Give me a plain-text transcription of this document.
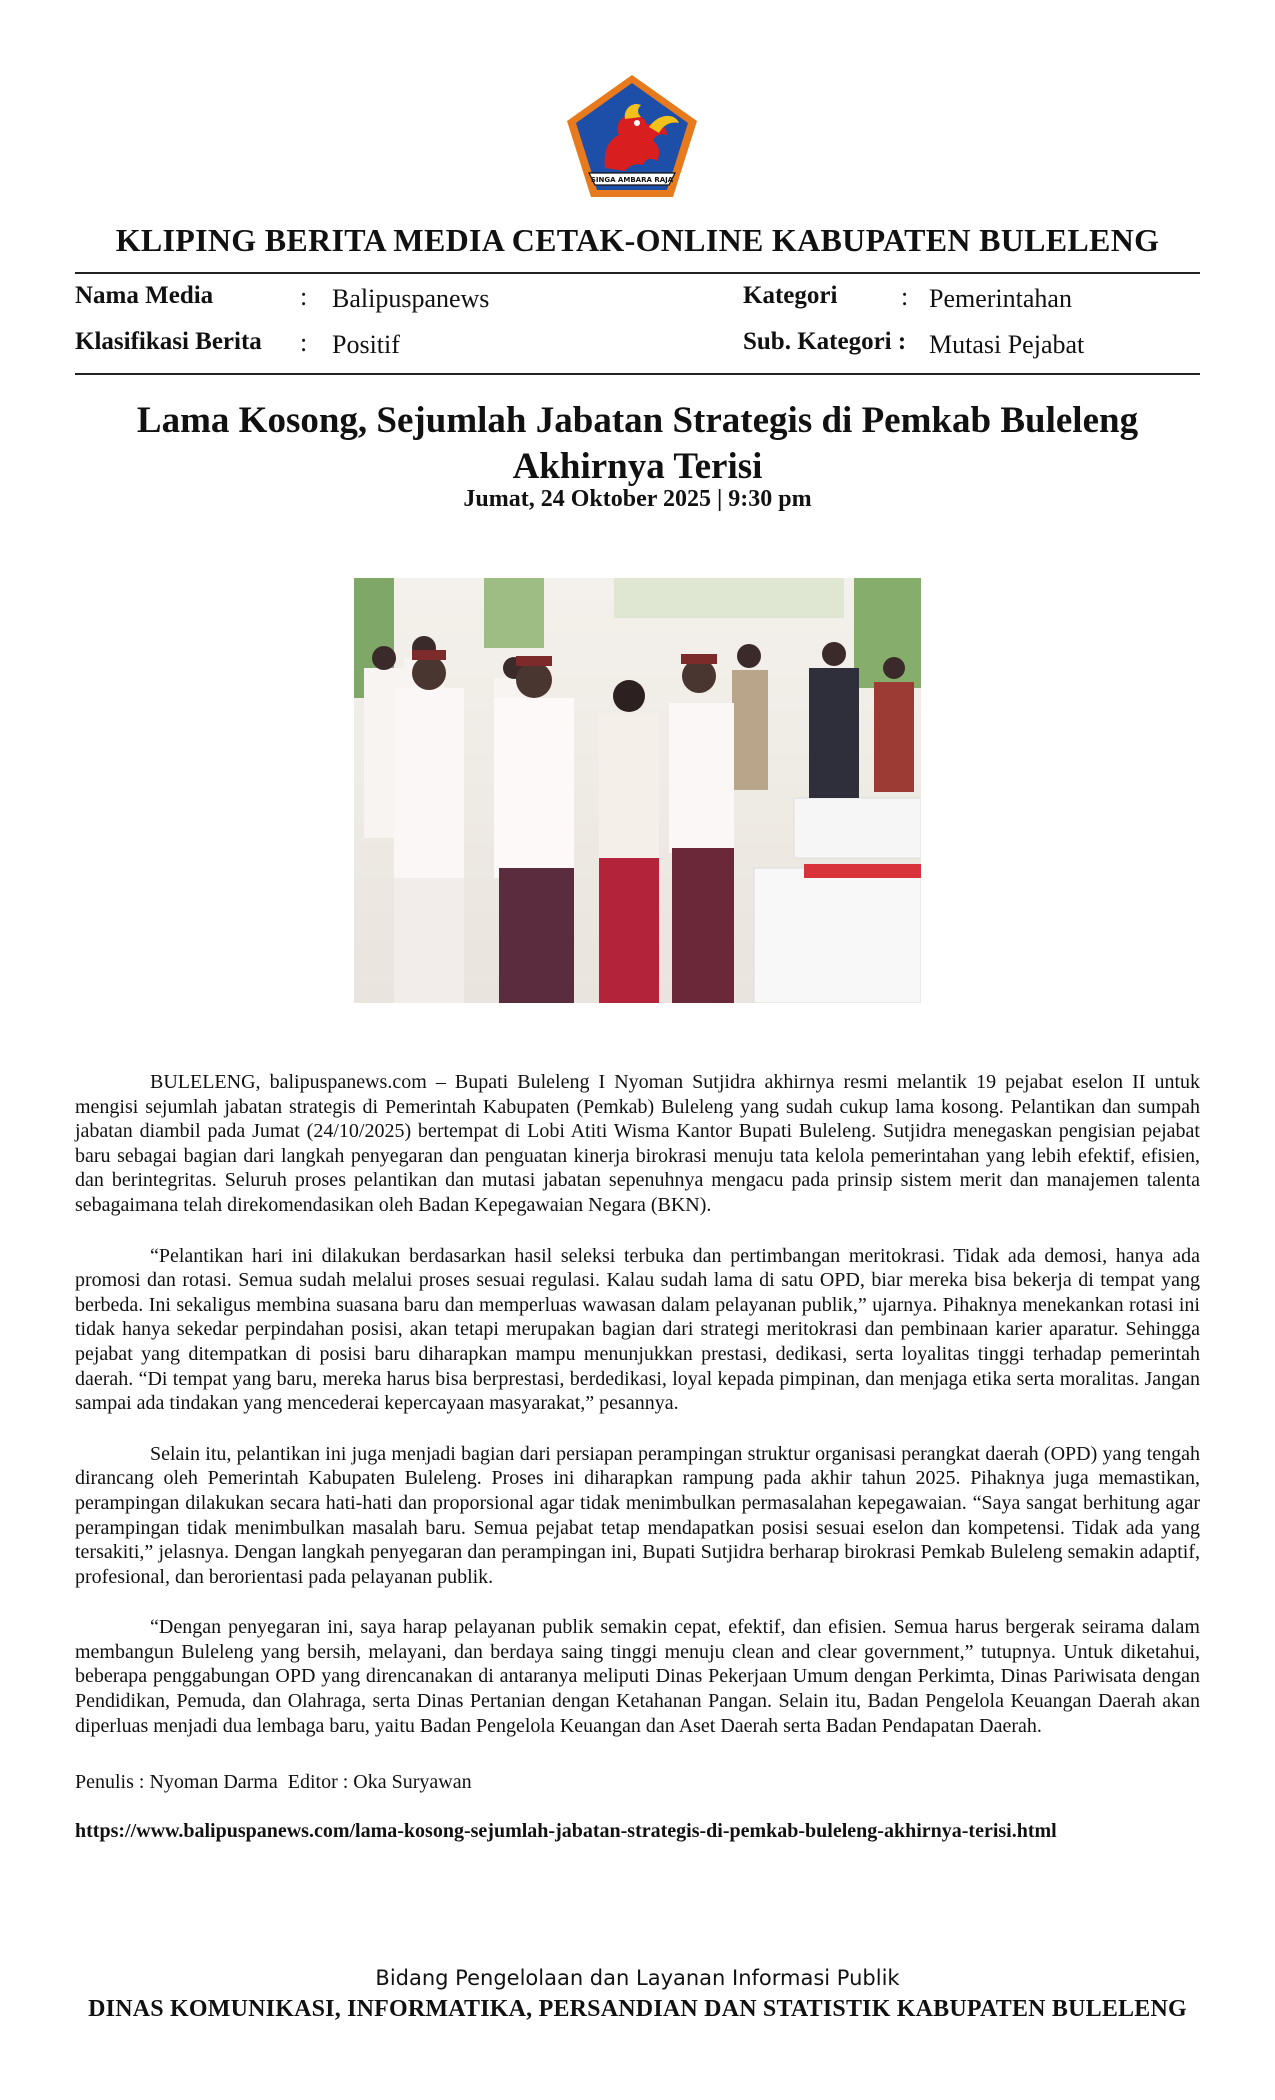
SINGA AMBARA RAJA
KLIPING BERITA MEDIA CETAK-ONLINE KABUPATEN BULELENG
Nama Media	: Balipuspanews
Klasifikasi Berita : Positif
Kategori : Pemerintahan
Sub. Kategori : Mutasi Pejabat
Lama Kosong, Sejumlah Jabatan Strategis di Pemkab Buleleng
Akhirnya Terisi
Jumat, 24 Oktober 2025 | 9:30 pm

BULELENG, balipuspanews.com – Bupati Buleleng I Nyoman Sutjidra akhirnya resmi melantik 19 pejabat eselon II untuk mengisi sejumlah jabatan strategis di Pemerintah Kabupaten (Pemkab) Buleleng yang sudah cukup lama kosong. Pelantikan dan sumpah jabatan diambil pada Jumat (24/10/2025) bertempat di Lobi Atiti Wisma Kantor Bupati Buleleng. Sutjidra menegaskan pengisian pejabat baru sebagai bagian dari langkah penyegaran dan penguatan kinerja birokrasi menuju tata kelola pemerintahan yang lebih efektif, efisien, dan berintegritas. Seluruh proses pelantikan dan mutasi jabatan sepenuhnya mengacu pada prinsip sistem merit dan manajemen talenta sebagaimana telah direkomendasikan oleh Badan Kepegawaian Negara (BKN).

“Pelantikan hari ini dilakukan berdasarkan hasil seleksi terbuka dan pertimbangan meritokrasi. Tidak ada demosi, hanya ada promosi dan rotasi. Semua sudah melalui proses sesuai regulasi. Kalau sudah lama di satu OPD, biar mereka bisa bekerja di tempat yang berbeda. Ini sekaligus membina suasana baru dan memperluas wawasan dalam pelayanan publik,” ujarnya. Pihaknya menekankan rotasi ini tidak hanya sekedar perpindahan posisi, akan tetapi merupakan bagian dari strategi meritokrasi dan pembinaan karier aparatur. Sehingga pejabat yang ditempatkan di posisi baru diharapkan mampu menunjukkan prestasi, dedikasi, serta loyalitas tinggi terhadap pemerintah daerah. “Di tempat yang baru, mereka harus bisa berprestasi, berdedikasi, loyal kepada pimpinan, dan menjaga etika serta moralitas. Jangan sampai ada tindakan yang mencederai kepercayaan masyarakat,” pesannya.

Selain itu, pelantikan ini juga menjadi bagian dari persiapan perampingan struktur organisasi perangkat daerah (OPD) yang tengah dirancang oleh Pemerintah Kabupaten Buleleng. Proses ini diharapkan rampung pada akhir tahun 2025. Pihaknya juga memastikan, perampingan dilakukan secara hati-hati dan proporsional agar tidak menimbulkan permasalahan kepegawaian. “Saya sangat berhitung agar perampingan tidak menimbulkan masalah baru. Semua pejabat tetap mendapatkan posisi sesuai eselon dan kompetensi. Tidak ada yang tersakiti,” jelasnya. Dengan langkah penyegaran dan perampingan ini, Bupati Sutjidra berharap birokrasi Pemkab Buleleng semakin adaptif, profesional, dan berorientasi pada pelayanan publik.

“Dengan penyegaran ini, saya harap pelayanan publik semakin cepat, efektif, dan efisien. Semua harus bergerak seirama dalam membangun Buleleng yang bersih, melayani, dan berdaya saing tinggi menuju clean and clear government,” tutupnya. Untuk diketahui, beberapa penggabungan OPD yang direncanakan di antaranya meliputi Dinas Pekerjaan Umum dengan Perkimta, Dinas Pariwisata dengan Pendidikan, Pemuda, dan Olahraga, serta Dinas Pertanian dengan Ketahanan Pangan. Selain itu, Badan Pengelola Keuangan Daerah akan diperluas menjadi dua lembaga baru, yaitu Badan Pengelola Keuangan dan Aset Daerah serta Badan Pendapatan Daerah.

Penulis : Nyoman Darma  Editor : Oka Suryawan
https://www.balipuspanews.com/lama-kosong-sejumlah-jabatan-strategis-di-pemkab-buleleng-akhirnya-terisi.html
Bidang Pengelolaan dan Layanan Informasi Publik
DINAS KOMUNIKASI, INFORMATIKA, PERSANDIAN DAN STATISTIK KABUPATEN BULELENG
